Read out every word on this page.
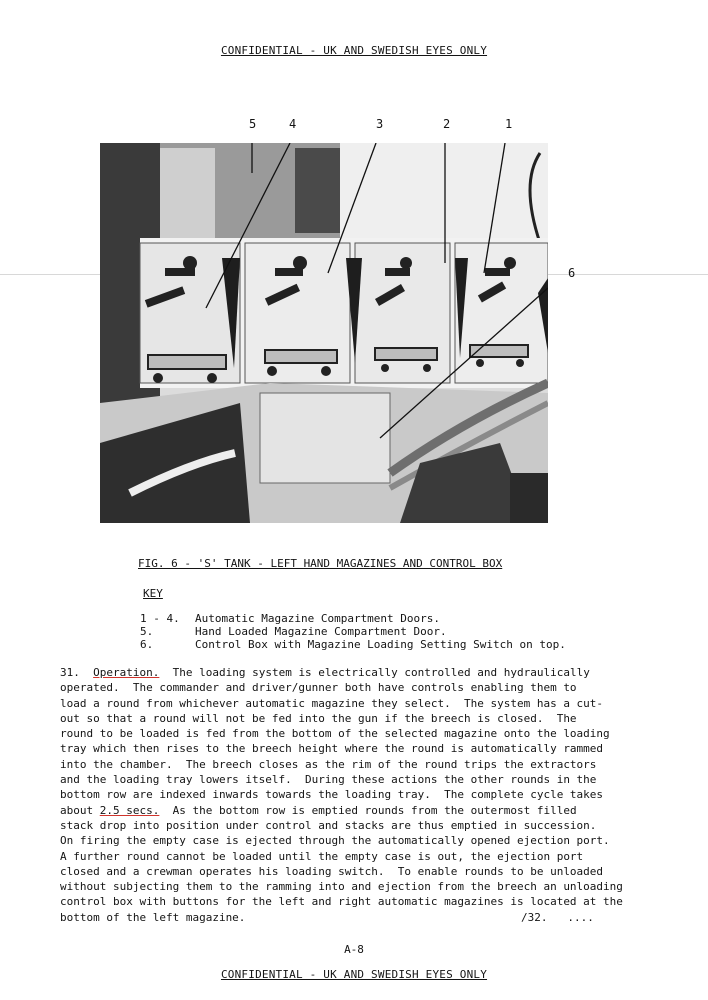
CONFIDENTIAL - UK AND SWEDISH EYES ONLY
5	4	3	2	1
6
FIG. 6 - 'S' TANK - LEFT HAND MAGAZINES AND CONTROL BOX
KEY
1 - 4.	Automatic Magazine Compartment Doors.
5.	Hand Loaded Magazine Compartment Door.
6.	Control Box with Magazine Loading Setting Switch on top.
31. Operation. The loading system is electrically controlled and hydraulically
operated.  The commander and driver/gunner both have controls enabling them to
load a round from whichever automatic magazine they select.  The system has a cut-
out so that a round will not be fed into the gun if the breech is closed.  The
round to be loaded is fed from the bottom of the selected magazine onto the loading
tray which then rises to the breech height where the round is automatically rammed
into the chamber.  The breech closes as the rim of the round trips the extractors
and the loading tray lowers itself.  During these actions the other rounds in the
bottom row are indexed inwards towards the loading tray.  The complete cycle takes
about 2.5 secs.  As the bottom row is emptied rounds from the outermost filled
stack drop into position under control and stacks are thus emptied in succession.
On firing the empty case is ejected through the automatically opened ejection port.
A further round cannot be loaded until the empty case is out, the ejection port
closed and a crewman operates his loading switch.  To enable rounds to be unloaded
without subjecting them to the ramming into and ejection from the breech an unloading
control box with buttons for the left and right automatic magazines is located at the
bottom of the left magazine.	/32.   ....
A-8
CONFIDENTIAL - UK AND SWEDISH EYES ONLY
